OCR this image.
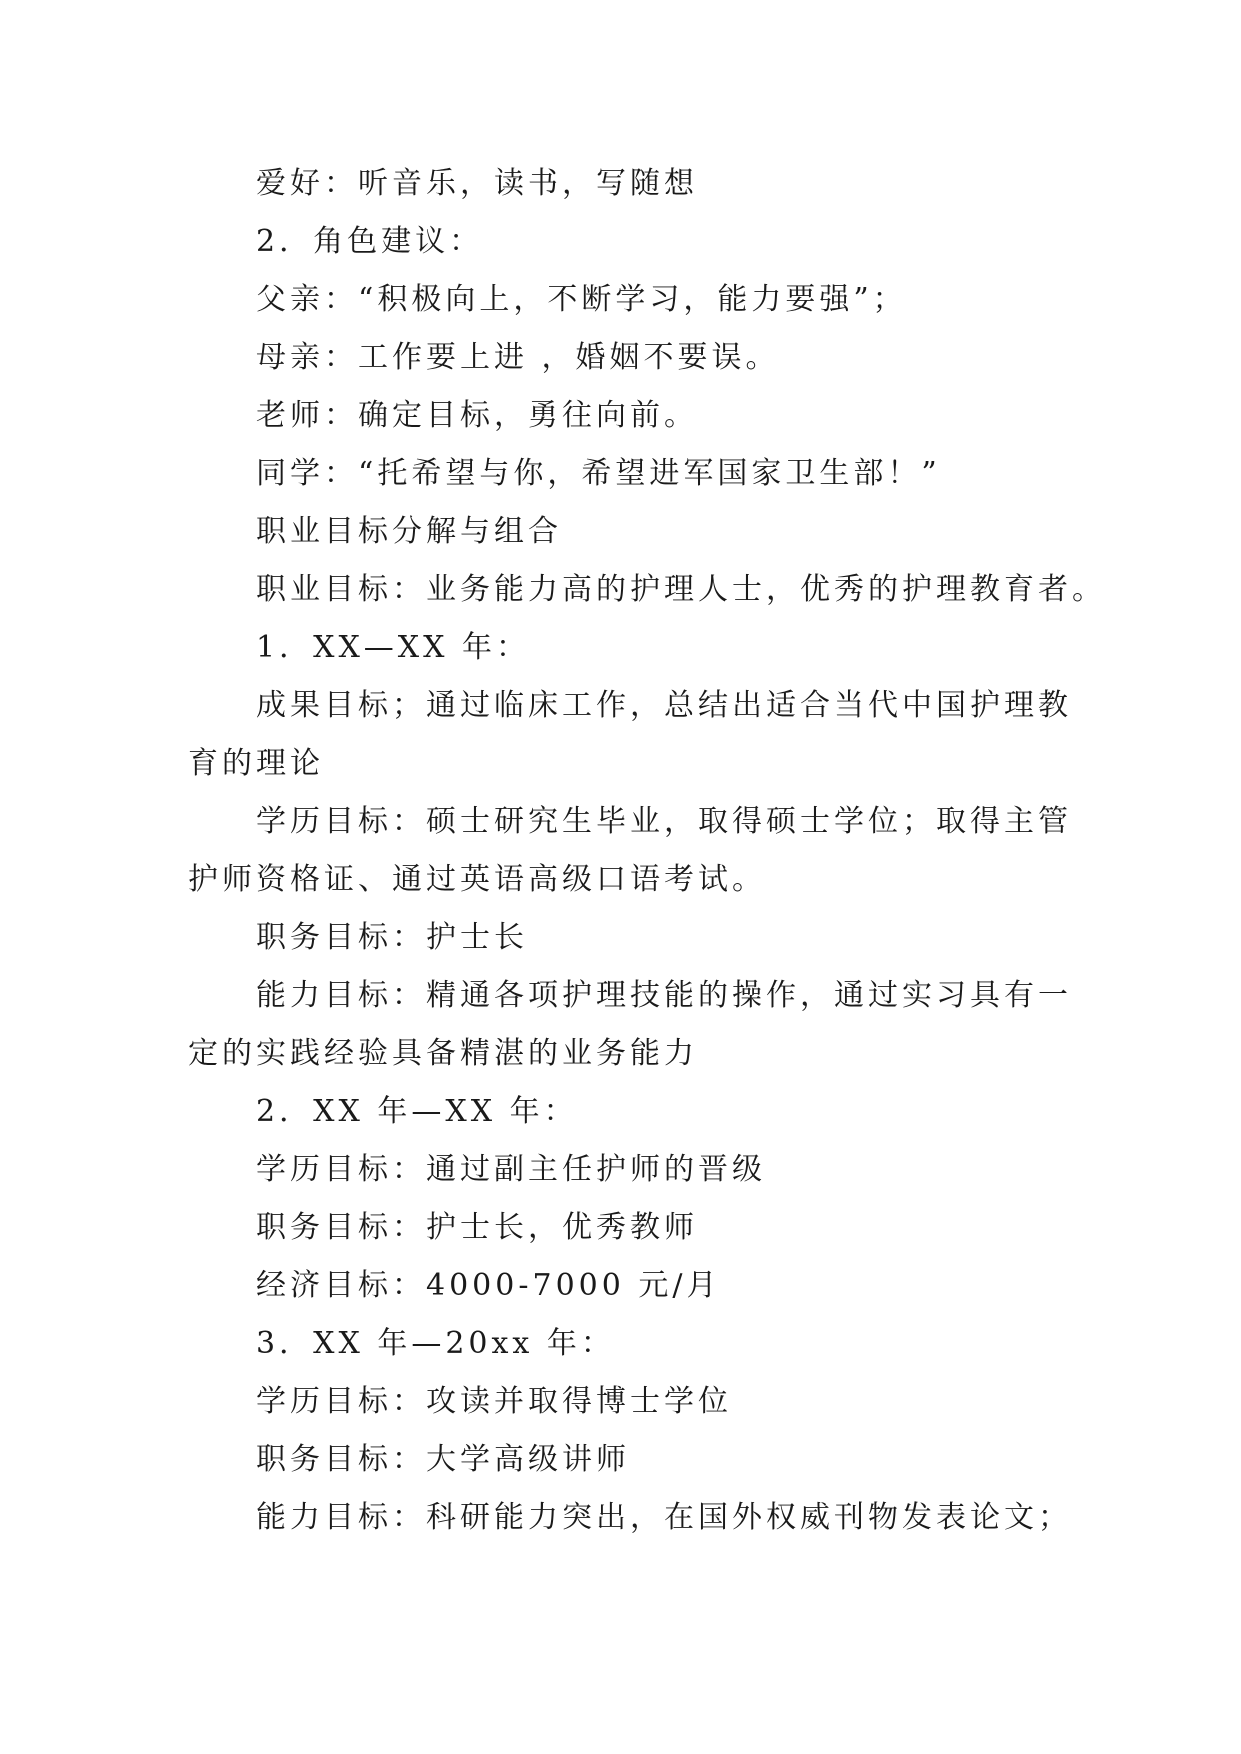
爱好：听音乐，读书，写随想
2．角色建议：
父亲：“积极向上，不断学习，能力要强”；
母亲：工作要上进 ，婚姻不要误。
老师：确定目标，勇往向前。
同学：“托希望与你，希望进军国家卫生部！”
职业目标分解与组合
职业目标：业务能力高的护理人士，优秀的护理教育者。
1．XX—XX 年：
成果目标；通过临床工作，总结出适合当代中国护理教
育的理论
学历目标：硕士研究生毕业，取得硕士学位；取得主管
护师资格证、通过英语高级口语考试。
职务目标：护士长
能力目标：精通各项护理技能的操作，通过实习具有一
定的实践经验具备精湛的业务能力
2．XX 年—XX 年：
学历目标：通过副主任护师的晋级
职务目标：护士长，优秀教师
经济目标：4000-7000 元/月
3．XX 年—20xx 年：
学历目标：攻读并取得博士学位
职务目标：大学高级讲师
能力目标：科研能力突出，在国外权威刊物发表论文；
